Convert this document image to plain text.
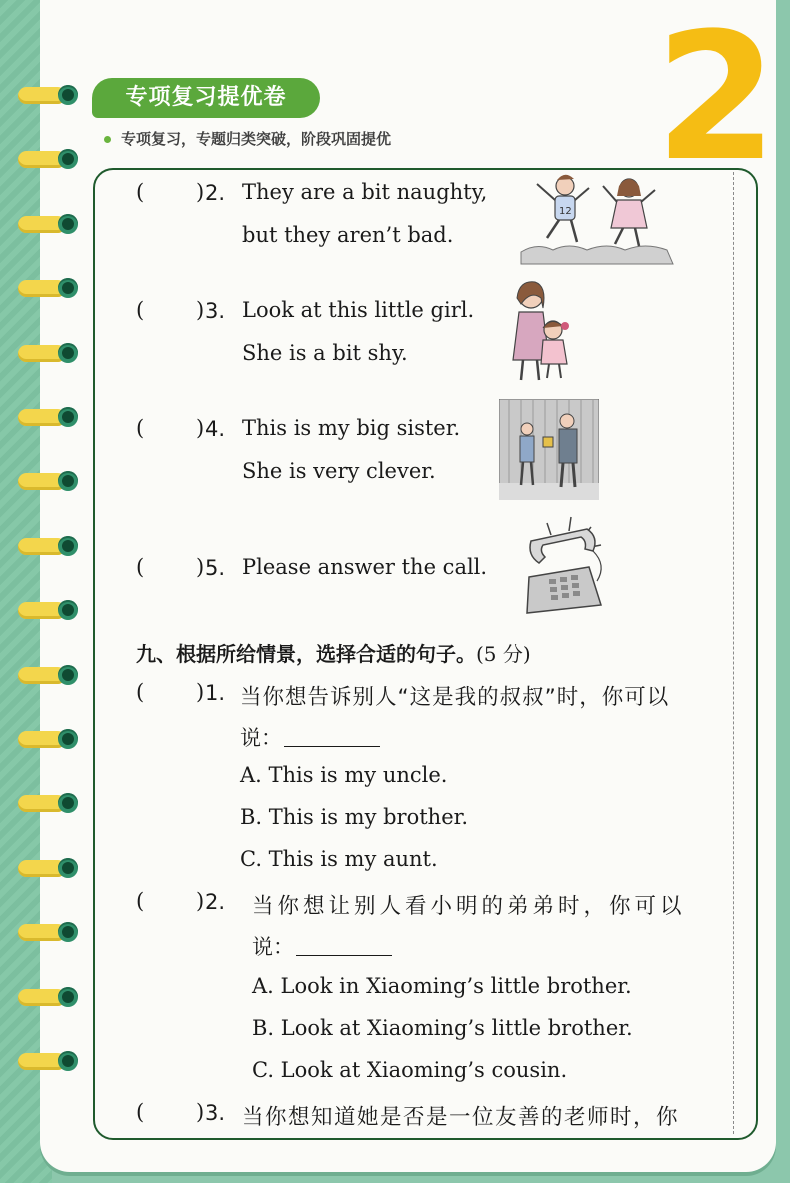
专项复习提优卷
专项复习，专题归类突破，阶段巩固提优 2
( ) 2. They are a bit naughty,
but they aren’t bad.
12
( ) 3. Look at this little girl.
She is a bit shy.
( ) 4. This is my big sister.
She is very clever.
( ) 5. Please answer the call.
九、根据所给情景，选择合适的句子。(5 分)
( ) 1. 当你想告诉别人“这是我的叔叔”时，你可以
说：
A. This is my uncle.
B. This is my brother.
C. This is my aunt.
( ) 2. 当你想让别人看小明的弟弟时，你可以
说：
A. Look in Xiaoming’s little brother.
B. Look at Xiaoming’s little brother.
C. Look at Xiaoming’s cousin.
( ) 3. 当你想知道她是否是一位友善的老师时，你
